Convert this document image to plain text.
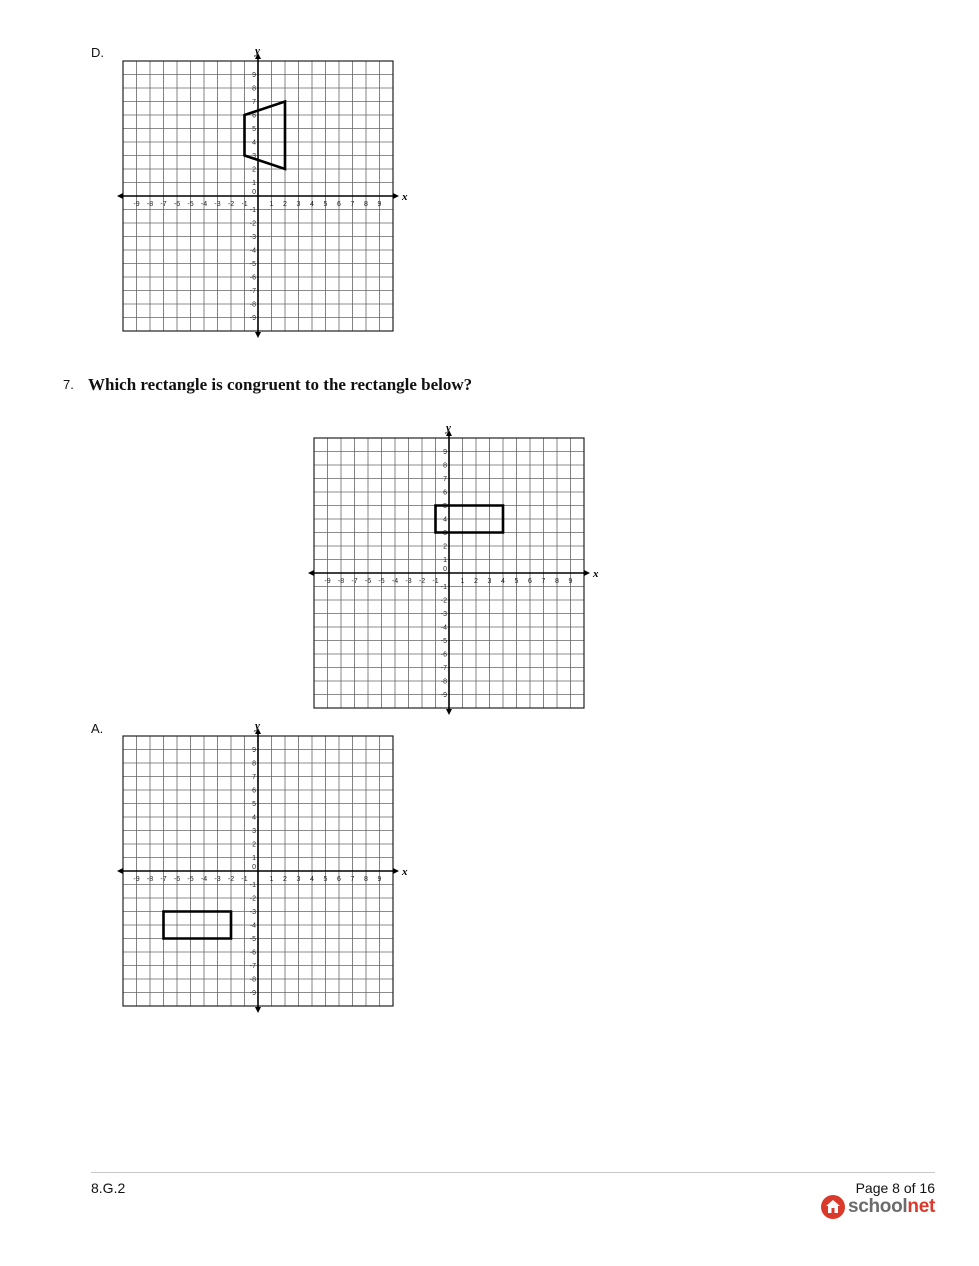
D.
x
y
-9
-9
-8
-8
-7
-7
-6
-6
-5
-5
-4
-4
-3
-3
-2
-2
-1
-1
1
1
2
2
3
3
4
4
5
5
6
6
7
7
8
8
9
9
0
7. Which rectangle is congruent to the rectangle below?
x
y
-9
-9
-8
-8
-7
-7
-6
-6
-5
-5
-4
-4
-3
-3
-2
-2
-1
-1
1
1
2
2
3
3
4
4
5
5
6
6
7
7
8
8
9
9
0
A.
x
y
-9
-9
-8
-8
-7
-7
-6
-6
-5
-5
-4
-4
-3
-3
-2
-2
-1
-1
1
1
2
2
3
3
4
4
5
5
6
6
7
7
8
8
9
9
0
8.G.2	Page 8 of 16
schoolnet
